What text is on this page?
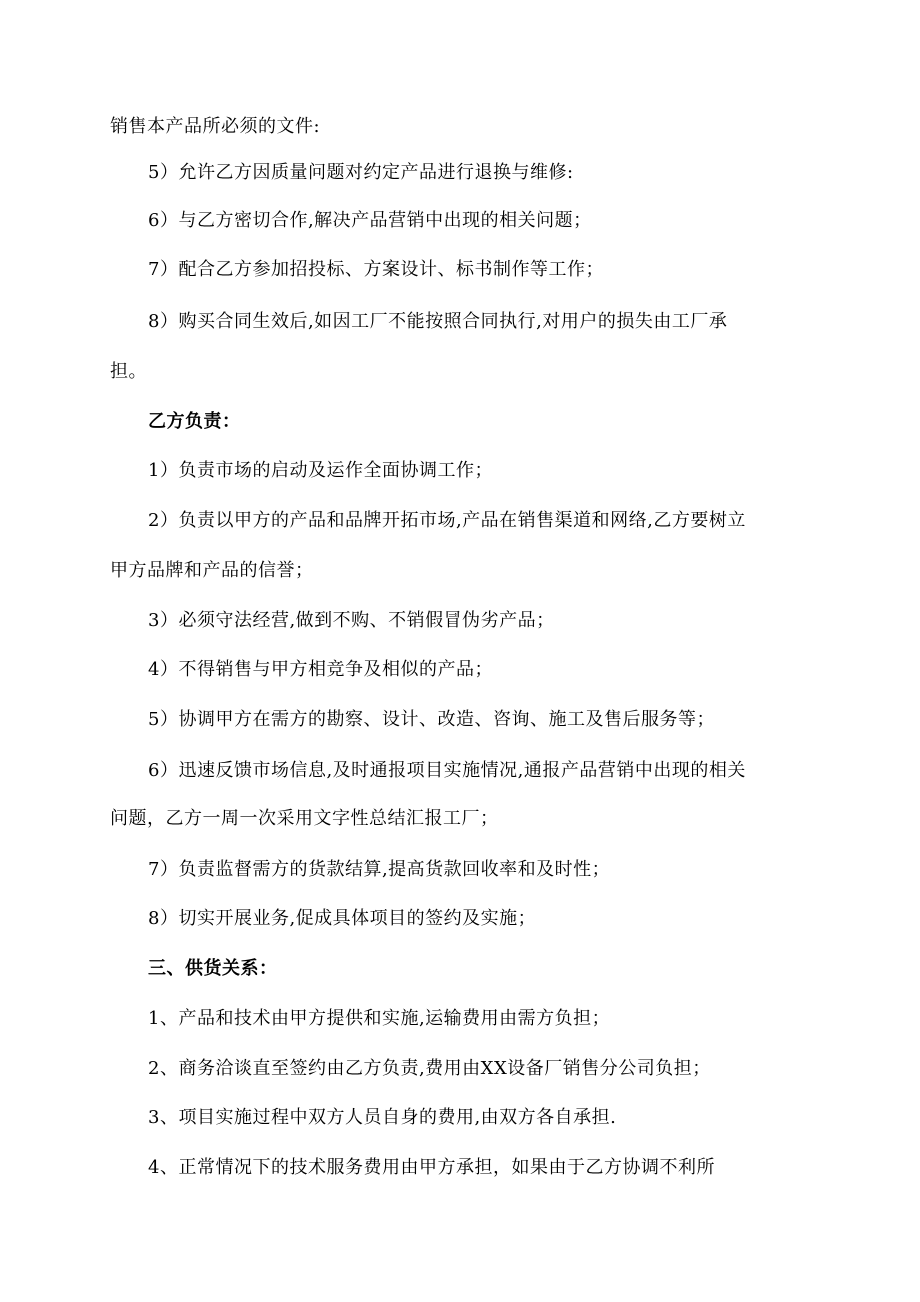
销售本产品所必须的文件:
5）允许乙方因质量问题对约定产品进行退换与维修:
6）与乙方密切合作,解决产品营销中出现的相关问题；
7）配合乙方参加招投标、方案设计、标书制作等工作；
8）购买合同生效后,如因工厂不能按照合同执行,对用户的损失由工厂承
担。
乙方负责：
1）负责市场的启动及运作全面协调工作；
2）负责以甲方的产品和品牌开拓市场,产品在销售渠道和网络,乙方要树立
甲方品牌和产品的信誉；
3）必须守法经营,做到不购、不销假冒伪劣产品；
4）不得销售与甲方相竞争及相似的产品；
5）协调甲方在需方的勘察、设计、改造、咨询、施工及售后服务等；
6）迅速反馈市场信息,及时通报项目实施情况,通报产品营销中出现的相关
问题，乙方一周一次采用文字性总结汇报工厂；
7）负责监督需方的货款结算,提高货款回收率和及时性；
8）切实开展业务,促成具体项目的签约及实施；
三、供货关系：
1、产品和技术由甲方提供和实施,运输费用由需方负担；
2、商务洽谈直至签约由乙方负责,费用由XX设备厂销售分公司负担；
3、项目实施过程中双方人员自身的费用,由双方各自承担.
4、正常情况下的技术服务费用由甲方承担，如果由于乙方协调不利所
